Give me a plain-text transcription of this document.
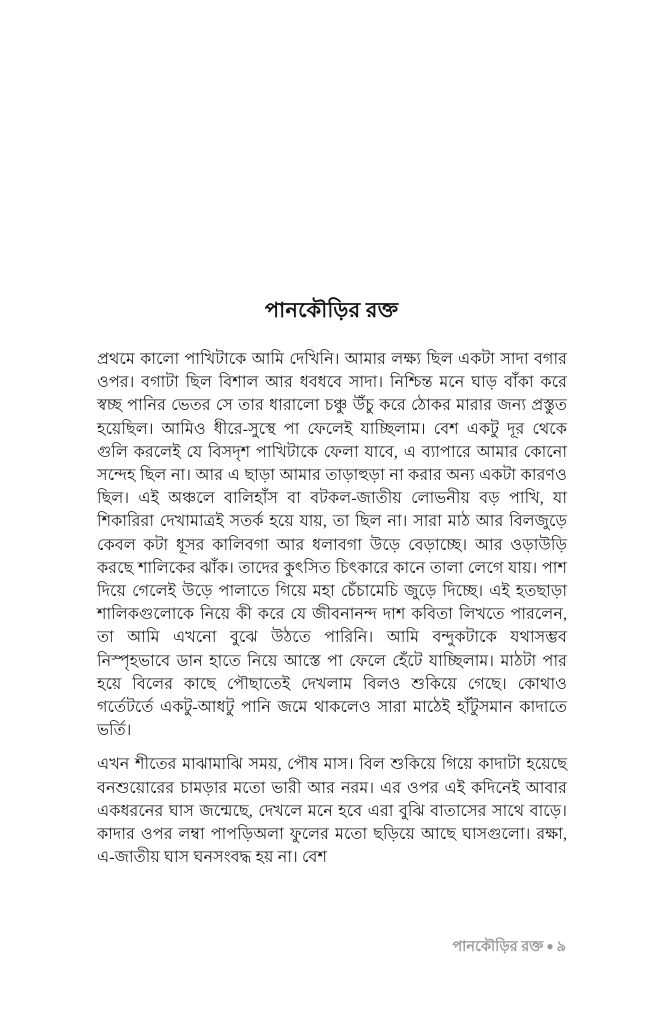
পানকৌড়ির রক্ত

প্রথমে কালো পাখিটাকে আমি দেখিনি। আমার লক্ষ্য ছিল একটা সাদা বগার ওপর। বগাটা ছিল বিশাল আর ধবধবে সাদা। নিশ্চিন্ত মনে ঘাড় বাঁকা করে স্বচ্ছ পানির ভেতর সে তার ধারালো চঞ্চু উঁচু করে ঠোকর মারার জন্য প্রস্তুত হয়েছিল। আমিও ধীরে-সুস্থে পা ফেলেই যাচ্ছিলাম। বেশ একটু দূর থেকে গুলি করলেই যে বিসদৃশ পাখিটাকে ফেলা যাবে, এ ব্যাপারে আমার কোনো সন্দেহ ছিল না। আর এ ছাড়া আমার তাড়াহুড়া না করার অন্য একটা কারণও ছিল। এই অঞ্চলে বালিহাঁস বা বটকল-জাতীয় লোভনীয় বড় পাখি, যা শিকারিরা দেখামাত্রই সতর্ক হয়ে যায়, তা ছিল না। সারা মাঠ আর বিলজুড়ে কেবল কটা ধূসর কালিবগা আর ধলাবগা উড়ে বেড়াচ্ছে। আর ওড়াউড়ি করছে শালিকের ঝাঁক। তাদের কুৎসিত চিৎকারে কানে তালা লেগে যায়। পাশ দিয়ে গেলেই উড়ে পালাতে গিয়ে মহা চেঁচামেচি জুড়ে দিচ্ছে। এই হতছাড়া শালিকগুলোকে নিয়ে কী করে যে জীবনানন্দ দাশ কবিতা লিখতে পারলেন, তা আমি এখনো বুঝে উঠতে পারিনি। আমি বন্দুকটাকে যথাসম্ভব নিস্পৃহভাবে ডান হাতে নিয়ে আস্তে পা ফেলে হেঁটে যাচ্ছিলাম। মাঠটা পার হয়ে বিলের কাছে পৌছাতেই দেখলাম বিলও শুকিয়ে গেছে। কোথাও গর্তেটর্তে একটু-আধটু পানি জমে থাকলেও সারা মাঠেই হাঁটুসমান কাদাতে ভর্তি।

এখন শীতের মাঝামাঝি সময়, পৌষ মাস। বিল শুকিয়ে গিয়ে কাদাটা হয়েছে বনশুয়োরের চামড়ার মতো ভারী আর নরম। এর ওপর এই কদিনেই আবার একধরনের ঘাস জন্মেছে, দেখলে মনে হবে এরা বুঝি বাতাসের সাথে বাড়ে। কাদার ওপর লম্বা পাপড়িঅলা ফুলের মতো ছড়িয়ে আছে ঘাসগুলো। রক্ষা, এ-জাতীয় ঘাস ঘনসংবদ্ধ হয় না। বেশ

পানকৌড়ির রক্ত ● ৯
